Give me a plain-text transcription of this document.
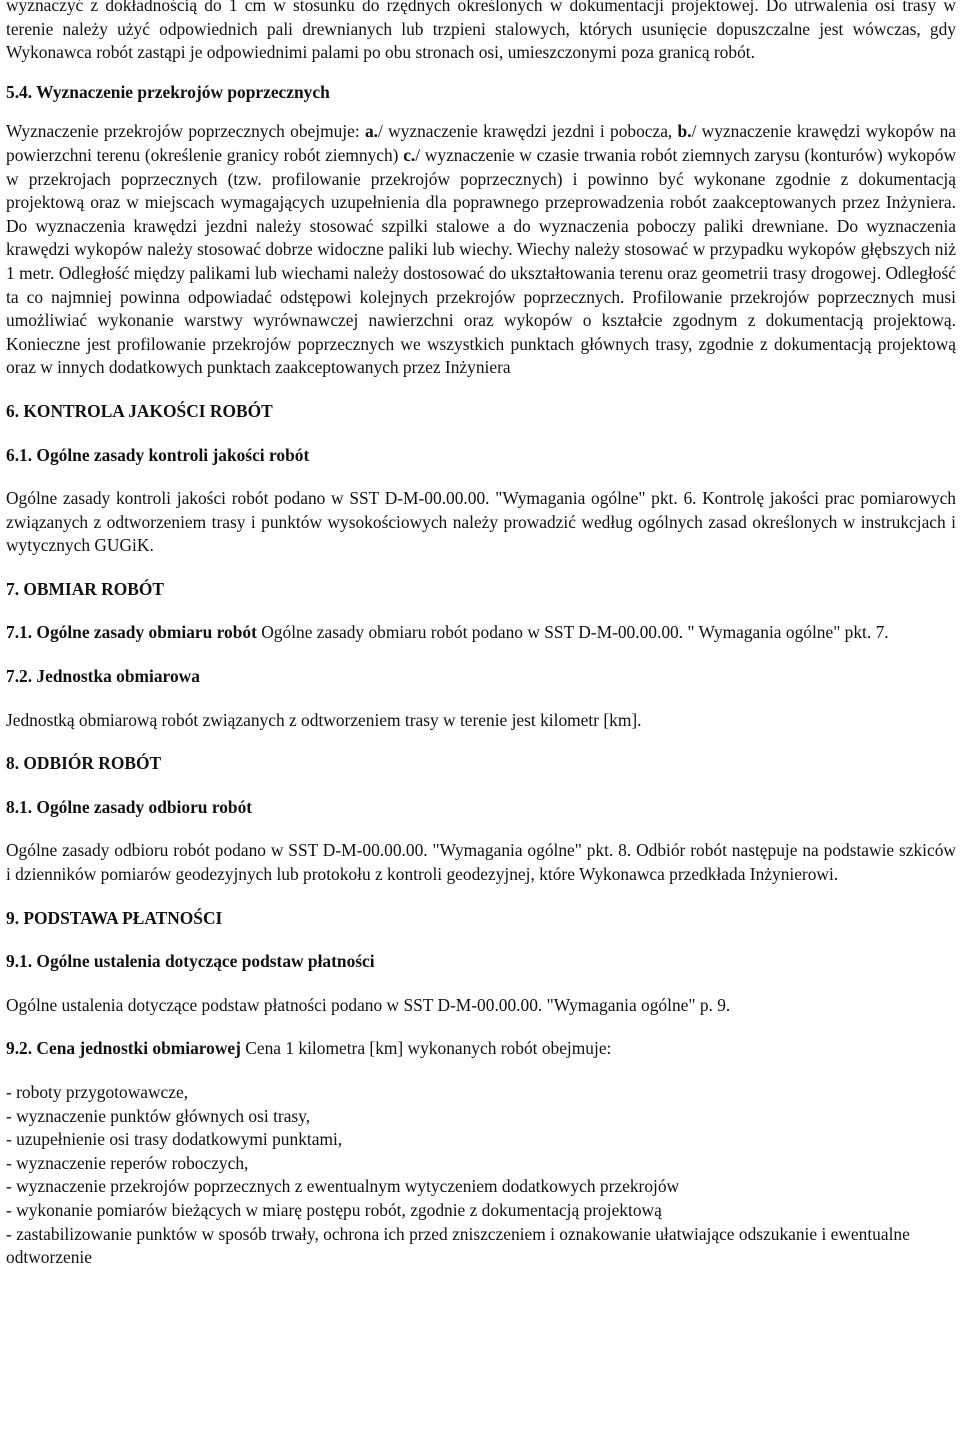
wyznaczyć z dokładnością do 1 cm w stosunku do rzędnych określonych w dokumentacji projektowej. Do utrwalenia osi trasy w terenie należy użyć odpowiednich pali drewnianych lub trzpieni stalowych, których usunięcie dopuszczalne jest wówczas, gdy Wykonawca robót zastąpi je odpowiednimi palami po obu stronach osi, umieszczonymi poza granicą robót.

5.4. Wyznaczenie przekrojów poprzecznych

Wyznaczenie przekrojów poprzecznych obejmuje: a./ wyznaczenie krawędzi jezdni i pobocza, b./ wyznaczenie krawędzi wykopów na powierzchni terenu (określenie granicy robót ziemnych) c./ wyznaczenie w czasie trwania robót ziemnych zarysu (konturów) wykopów w przekrojach poprzecznych (tzw. profilowanie przekrojów poprzecznych) i powinno być wykonane zgodnie z dokumentacją projektową oraz w miejscach wymagających uzupełnienia dla poprawnego przeprowadzenia robót zaakceptowanych przez Inżyniera. Do wyznaczenia krawędzi jezdni należy stosować szpilki stalowe a do wyznaczenia poboczy paliki drewniane. Do wyznaczenia krawędzi wykopów należy stosować dobrze widoczne paliki lub wiechy. Wiechy należy stosować w przypadku wykopów głębszych niż 1 metr. Odległość między palikami lub wiechami należy dostosować do ukształtowania terenu oraz geometrii trasy drogowej. Odległość ta co najmniej powinna odpowiadać odstępowi kolejnych przekrojów poprzecznych. Profilowanie przekrojów poprzecznych musi umożliwiać wykonanie warstwy wyrównawczej nawierzchni oraz wykopów o kształcie zgodnym z dokumentacją projektową. Konieczne jest profilowanie przekrojów poprzecznych we wszystkich punktach głównych trasy, zgodnie z dokumentacją projektową oraz w innych dodatkowych punktach zaakceptowanych przez Inżyniera

6. KONTROLA JAKOŚCI ROBÓT

6.1. Ogólne zasady kontroli jakości robót

Ogólne zasady kontroli jakości robót podano w SST D-M-00.00.00. "Wymagania ogólne" pkt. 6. Kontrolę jakości prac pomiarowych związanych z odtworzeniem trasy i punktów wysokościowych należy prowadzić według ogólnych zasad określonych w instrukcjach i wytycznych GUGiK.

7. OBMIAR ROBÓT

7.1. Ogólne zasady obmiaru robót Ogólne zasady obmiaru robót podano w SST D-M-00.00.00. " Wymagania ogólne" pkt. 7.

7.2. Jednostka obmiarowa

Jednostką obmiarową robót związanych z odtworzeniem trasy w terenie jest kilometr [km].

8. ODBIÓR ROBÓT

8.1. Ogólne zasady odbioru robót

Ogólne zasady odbioru robót podano w SST D-M-00.00.00. "Wymagania ogólne" pkt. 8. Odbiór robót następuje na podstawie szkiców i dzienników pomiarów geodezyjnych lub protokołu z kontroli geodezyjnej, które Wykonawca przedkłada Inżynierowi.

9. PODSTAWA PŁATNOŚCI

9.1. Ogólne ustalenia dotyczące podstaw płatności

Ogólne ustalenia dotyczące podstaw płatności podano w SST D-M-00.00.00. "Wymagania ogólne" p. 9.

9.2. Cena jednostki obmiarowej Cena 1 kilometra [km] wykonanych robót obejmuje:

- roboty przygotowawcze,
- wyznaczenie punktów głównych osi trasy,
- uzupełnienie osi trasy dodatkowymi punktami,
- wyznaczenie reperów roboczych,
- wyznaczenie przekrojów poprzecznych z ewentualnym wytyczeniem dodatkowych przekrojów
- wykonanie pomiarów bieżących w miarę postępu robót, zgodnie z dokumentacją projektową
- zastabilizowanie punktów w sposób trwały, ochrona ich przed zniszczeniem i oznakowanie ułatwiające odszukanie i ewentualne odtworzenie
